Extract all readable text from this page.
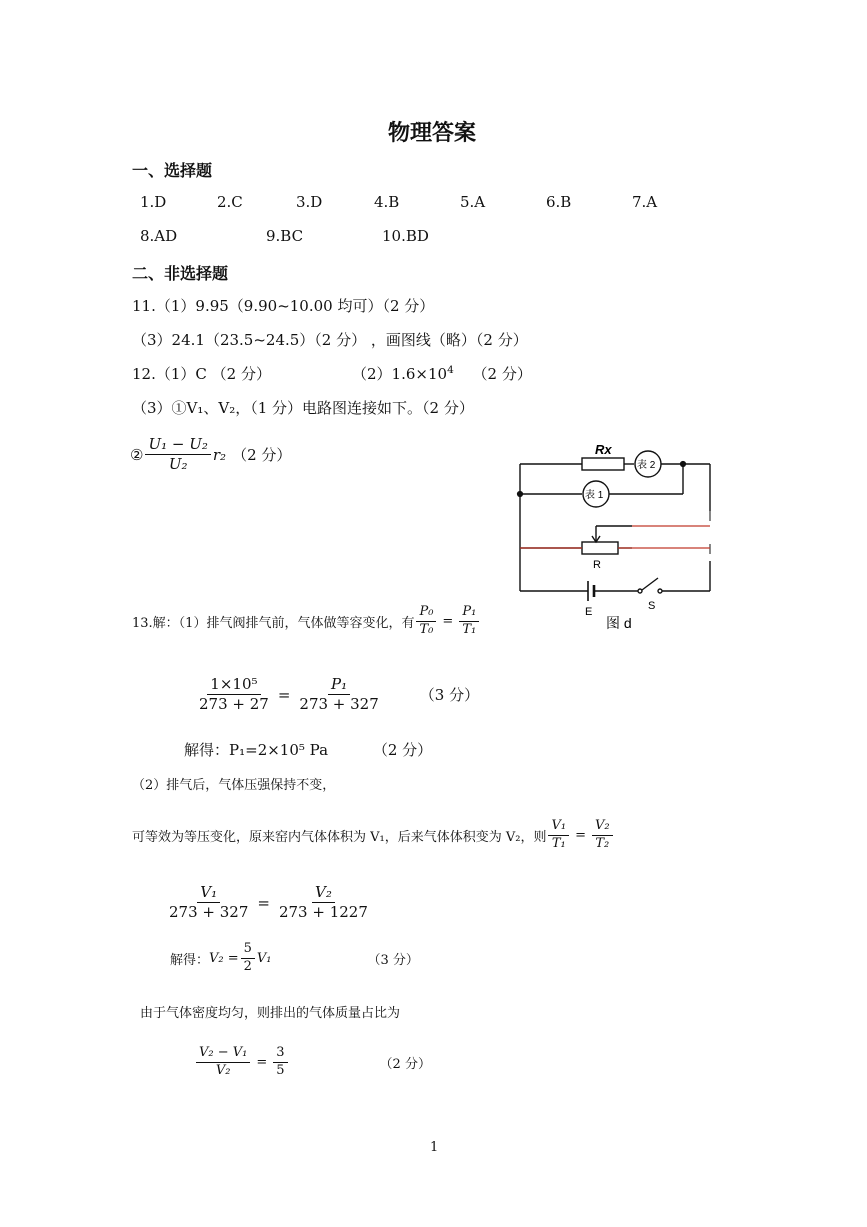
物理答案
一、选择题
1.D	2.C	3.D	4.B	5.A	6.B	7.A
8.AD	9.BC	10.BD
二、非选择题
11.（1）9.95（9.90~10.00 均可）（2 分）
（3）24.1（23.5~24.5）（2 分） ，画图线（略）（2 分）
12.（1）C （2 分）	$(2)1.6\times 10^4$ （2 分）
（3）①V₁、V₂，（1 分）电路图连接如下。（2 分）
② $\frac{\text{U₁ − U₂}}{\text{U₂}} r_2$ （2 分）	Rx
表 2
表 1
R
E	S
图 d
13.解：（1）排气阀排气前，气体做等容变化，有 $\frac{\text{P₀}}{\text{T₀}} = \frac{\text{P₁}}{\text{T₁}}$
$\frac{\text{1×10⁵}}{273 + 27} = \frac{\text{P₁}}{273 + 327}$	（3 分）
解得：P₁=2×10⁵ Pa	（2 分）
（2）排气后，气体压强保持不变，
可等效为等压变化，原来窑内气体体积为 V₁，后来气体体积变为 V₂，则 $\frac{\text{V₁}}{\text{T₁}} = \frac{\text{V₂}}{\text{T₂}}$
$\frac{\text{V₁}}{273 + 327} = \frac{\text{V₂}}{273 + 1227}$
解得： $V_2 = \frac{5}{2} V_1$	（3 分）
由于气体密度均匀，则排出的气体质量占比为
$\frac{\text{V₂ − V₁}}{\text{V₂}} = \frac{3}{5}$	（2 分）
1
